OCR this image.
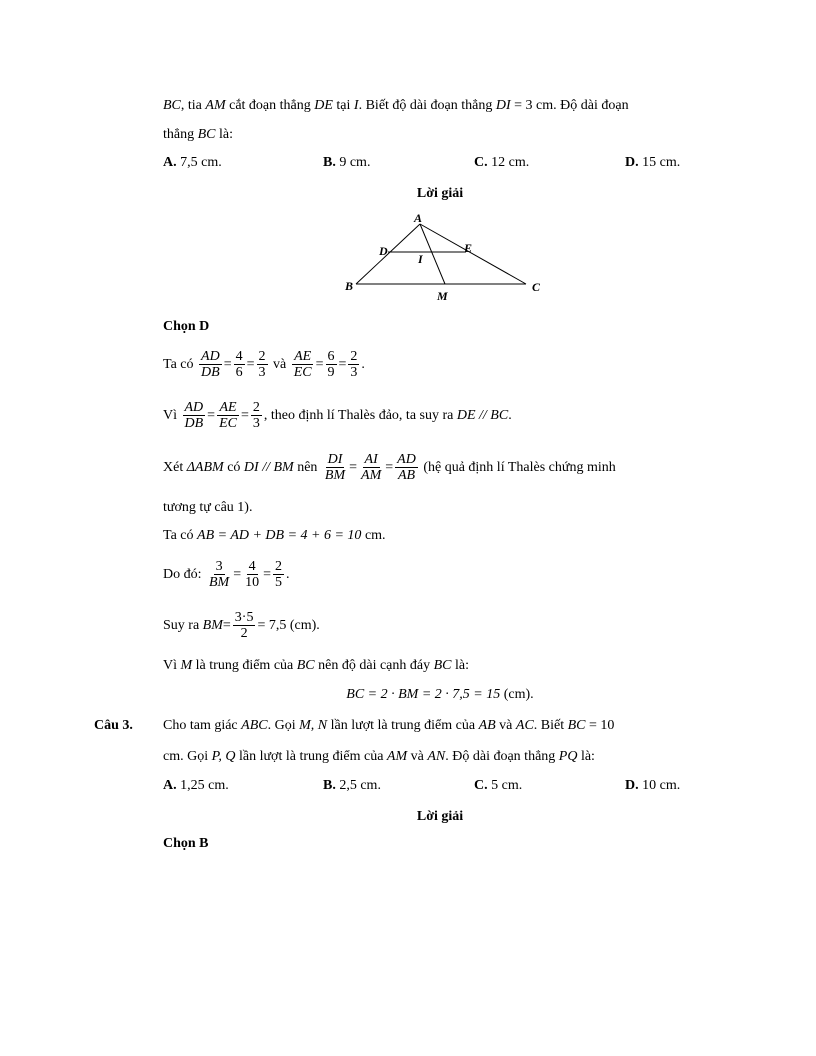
BC, tia AM cắt đoạn thẳng DE tại I. Biết độ dài đoạn thẳng DI = 3 cm. Độ dài đoạn
thẳng BC là:
A. 7,5 cm.	B. 9 cm.	C. 12 cm.	D. 15 cm.
Lời giải
A
D	E
I
B
M
C
Chọn D
Ta có $\frac{AD}{DB} = \frac{4}{6} = \frac{2}{3}$ và $\frac{AE}{EC} = \frac{6}{9} = \frac{2}{3}$ .
Vì $\frac{AD}{DB} = \frac{AE}{EC} = \frac{2}{3}$ , theo định lí Thalès đảo, ta suy ra DE // BC.
Xét ΔABM có DI // BM nên $\frac{DI}{BM} = \frac{AI}{AM} = \frac{AD}{AB}$ (hệ quả định lí Thalès chứng minh
tương tự câu 1).
Ta có AB = AD + DB = 4 + 6 = 10 cm.
Do đó: $\frac{3}{BM} = \frac{4}{10} = \frac{2}{5}$ .
Suy ra $BM= \frac{3\cdot 5}{2} = 7,5$ (cm).
Vì M là trung điểm của BC nên độ dài cạnh đáy BC là:
BC = 2 · BM = 2 · 7,5 = 15 (cm).
Câu 3. Cho tam giác ABC. Gọi M, N lần lượt là trung điểm của AB và AC. Biết BC = 10
cm. Gọi P, Q lần lượt là trung điểm của AM và AN. Độ dài đoạn thẳng PQ là:
A. 1,25 cm.	B. 2,5 cm.	C. 5 cm.	D. 10 cm.
Lời giải
Chọn B
